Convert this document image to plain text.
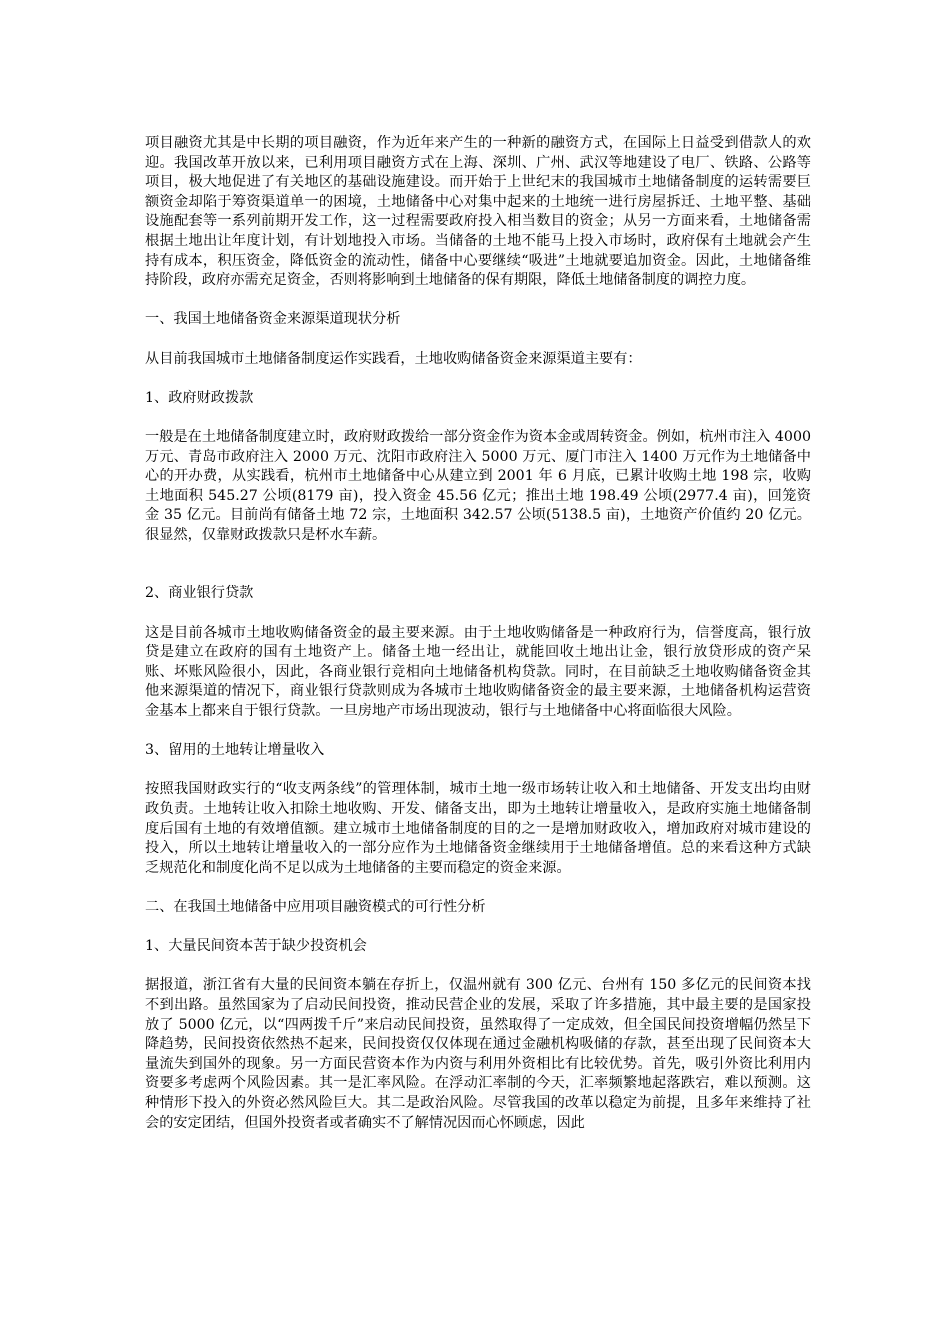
项目融资尤其是中长期的项目融资，作为近年来产生的一种新的融资方式，在国际上日益受到借款人的欢迎。我国改革开放以来，已利用项目融资方式在上海、深圳、广州、武汉等地建设了电厂、铁路、公路等项目，极大地促进了有关地区的基础设施建设。而开始于上世纪末的我国城市土地储备制度的运转需要巨额资金却陷于筹资渠道单一的困境，土地储备中心对集中起来的土地统一进行房屋拆迁、土地平整、基础设施配套等一系列前期开发工作，这一过程需要政府投入相当数目的资金；从另一方面来看，土地储备需根据土地出让年度计划，有计划地投入市场。当储备的土地不能马上投入市场时，政府保有土地就会产生持有成本，积压资金，降低资金的流动性，储备中心要继续“吸进”土地就要追加资金。因此，土地储备维持阶段，政府亦需充足资金，否则将影响到土地储备的保有期限，降低土地储备制度的调控力度。

一、我国土地储备资金来源渠道现状分析

从目前我国城市土地储备制度运作实践看，土地收购储备资金来源渠道主要有：

1、政府财政拨款

一般是在土地储备制度建立时，政府财政拨给一部分资金作为资本金或周转资金。例如，杭州市注入 4000 万元、青岛市政府注入 2000 万元、沈阳市政府注入 5000 万元、厦门市注入 1400 万元作为土地储备中心的开办费，从实践看，杭州市土地储备中心从建立到 2001 年 6 月底，已累计收购土地 198 宗，收购土地面积 545.27 公顷(8179 亩)，投入资金 45.56 亿元；推出土地 198.49 公顷(2977.4 亩)，回笼资金 35 亿元。目前尚有储备土地 72 宗，土地面积 342.57 公顷(5138.5 亩)，土地资产价值约 20 亿元。很显然，仅靠财政拨款只是杯水车薪。

2、商业银行贷款

这是目前各城市土地收购储备资金的最主要来源。由于土地收购储备是一种政府行为，信誉度高，银行放贷是建立在政府的国有土地资产上。储备土地一经出让，就能回收土地出让金，银行放贷形成的资产呆账、坏账风险很小，因此，各商业银行竞相向土地储备机构贷款。同时，在目前缺乏土地收购储备资金其他来源渠道的情况下，商业银行贷款则成为各城市土地收购储备资金的最主要来源，土地储备机构运营资金基本上都来自于银行贷款。一旦房地产市场出现波动，银行与土地储备中心将面临很大风险。

3、留用的土地转让增量收入

按照我国财政实行的“收支两条线”的管理体制，城市土地一级市场转让收入和土地储备、开发支出均由财政负责。土地转让收入扣除土地收购、开发、储备支出，即为土地转让增量收入，是政府实施土地储备制度后国有土地的有效增值额。建立城市土地储备制度的目的之一是增加财政收入，增加政府对城市建设的投入，所以土地转让增量收入的一部分应作为土地储备资金继续用于土地储备增值。总的来看这种方式缺乏规范化和制度化尚不足以成为土地储备的主要而稳定的资金来源。

二、在我国土地储备中应用项目融资模式的可行性分析

1、大量民间资本苦于缺少投资机会

据报道，浙江省有大量的民间资本躺在存折上，仅温州就有 300 亿元、台州有 150 多亿元的民间资本找不到出路。虽然国家为了启动民间投资，推动民营企业的发展，采取了许多措施，其中最主要的是国家投放了 5000 亿元，以“四两拨千斤”来启动民间投资，虽然取得了一定成效，但全国民间投资增幅仍然呈下降趋势，民间投资依然热不起来，民间投资仅仅体现在通过金融机构吸储的存款，甚至出现了民间资本大量流失到国外的现象。另一方面民营资本作为内资与利用外资相比有比较优势。首先，吸引外资比利用内资要多考虑两个风险因素。其一是汇率风险。在浮动汇率制的今天，汇率频繁地起落跌宕，难以预测。这种情形下投入的外资必然风险巨大。其二是政治风险。尽管我国的改革以稳定为前提，且多年来维持了社会的安定团结，但国外投资者或者确实不了解情况因而心怀顾虑，因此
